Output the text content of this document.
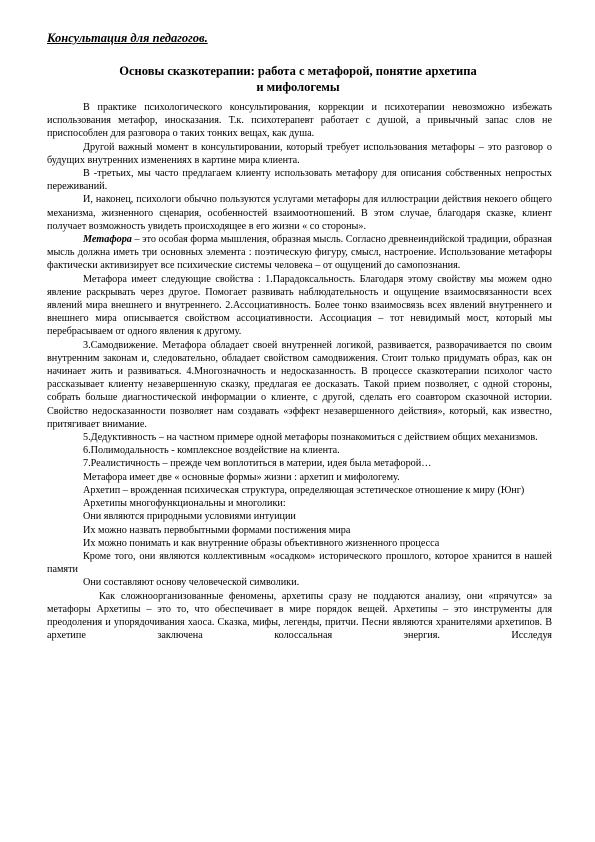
Консультация для педагогов.
Основы сказкотерапии: работа с метафорой, понятие архетипа
и мифологемы

В практике психологического консультирования, коррекции и психотерапии невозможно избежать использования метафор, иносказания. Т.к. психотерапевт работает с душой, а привычный запас слов не приспособлен для разговора о таких тонких вещах, как душа.

Другой важный момент в консультировании, который требует использования метафоры – это разговор о будущих внутренних изменениях в картине мира клиента.

В -третьих, мы часто предлагаем клиенту использовать метафору для описания собственных непростых переживаний.

И, наконец, психологи обычно пользуются услугами метафоры для иллюстрации действия некоего общего механизма, жизненного сценария, особенностей взаимоотношений. В этом случае, благодаря сказке, клиент получает возможность увидеть происходящее в его жизни « со стороны».

Метафора – это особая форма мышления, образная мысль. Согласно древнеиндийской традиции, образная мысль должна иметь три основных элемента : поэтическую фигуру, смысл, настроение. Использование метафоры фактически активизирует все психические системы человека – от ощущений до самопознания.

Метафора имеет следующие свойства : 1.Парадоксальность. Благодаря этому свойству мы можем одно явление раскрывать через другое. Помогает развивать наблюдательность и ощущение взаимосвязанности всех явлений мира внешнего и внутреннего. 2.Ассоциативность. Более тонко взаимосвязь всех явлений внутреннего и внешнего мира описывается свойством ассоциативности. Ассоциация – тот невидимый мост, который мы перебрасываем от одного явления к другому.

3.Самодвижение. Метафора обладает своей внутренней логикой, развивается, разворачивается по своим внутренним законам и, следовательно, обладает свойством самодвижения. Стоит только придумать образ, как он начинает жить и развиваться. 4.Многозначность и недосказанность. В процессе сказкотерапии психолог часто рассказывает клиенту незавершенную сказку, предлагая ее досказать. Такой прием позволяет, с одной стороны, собрать больше диагностической информации о клиенте, с другой, сделать его соавтором сказочной истории. Свойство недосказанности позволяет нам создавать «эффект незавершенного действия», который, как известно, притягивает внимание.

5.Дедуктивность – на частном примере одной метафоры познакомиться с действием общих механизмов.

6.Полимодальность - комплексное воздействие на клиента.

7.Реалистичность – прежде чем воплотиться в материи, идея была метафорой…

Метафора имеет две « основные формы» жизни : архетип и мифологему.

Архетип – врожденная психическая структура, определяющая эстетическое отношение к миру (Юнг)

Архетипы многофункциональны и многолики:

Они являются природными условиями интуиции

Их можно назвать первобытными формами постижения мира

Их можно понимать и как внутренние образы объективного жизненного процесса

Кроме того, они являются коллективным «осадком» исторического прошлого, которое хранится в нашей памяти

Они составляют основу человеческой символики.

Как сложноорганизованные феномены, архетипы сразу не поддаются анализу, они «прячутся» за метафоры Архетипы – это то, что обеспечивает в мире порядок вещей. Архетипы – это инструменты для преодоления и упорядочивания хаоса. Сказка, мифы, легенды, притчи. Песни являются хранителями архетипов. В архетипе заключена колоссальная энергия. Исследуя
